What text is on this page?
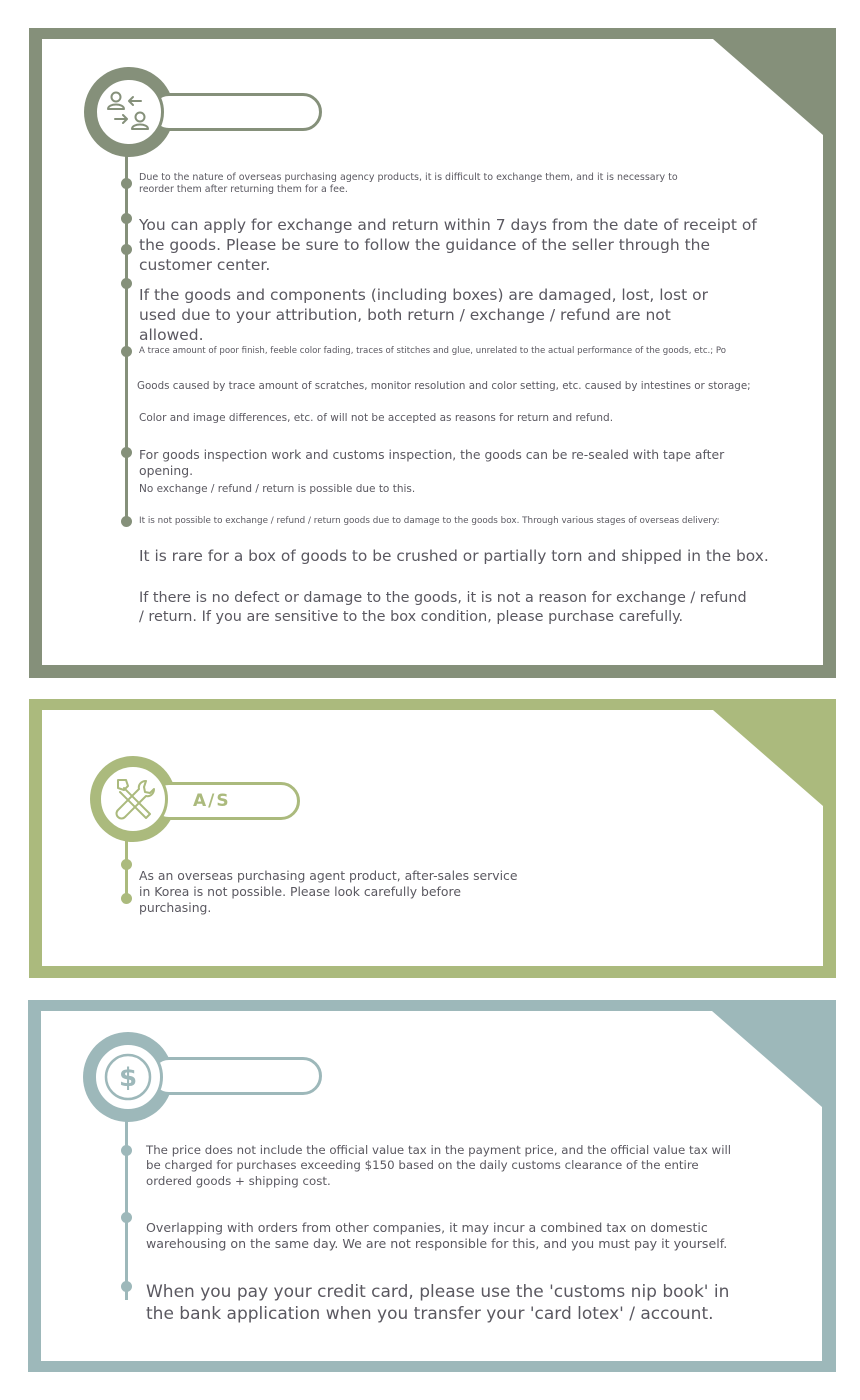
Due to the nature of overseas purchasing agency products, it is difficult to exchange them, and it is necessary to reorder them after returning them for a fee.
You can apply for exchange and return within 7 days from the date of receipt of the goods. Please be sure to follow the guidance of the seller through the customer center.
If the goods and components (including boxes) are damaged, lost, lost or used due to your attribution, both return / exchange / refund are not allowed.
A trace amount of poor finish, feeble color fading, traces of stitches and glue, unrelated to the actual performance of the goods, etc.; Po
Goods caused by trace amount of scratches, monitor resolution and color setting, etc. caused by intestines or storage;
Color and image differences, etc. of will not be accepted as reasons for return and refund.
For goods inspection work and customs inspection, the goods can be re-sealed with tape after opening.
No exchange / refund / return is possible due to this.
It is not possible to exchange / refund / return goods due to damage to the goods box. Through various stages of overseas delivery:
It is rare for a box of goods to be crushed or partially torn and shipped in the box.
If there is no defect or damage to the goods, it is not a reason for exchange / refund / return. If you are sensitive to the box condition, please purchase carefully.
A/S
As an overseas purchasing agent product, after-sales service in Korea is not possible. Please look carefully before purchasing.
$
The price does not include the official value tax in the payment price, and the official value tax will be charged for purchases exceeding $150 based on the daily customs clearance of the entire ordered goods + shipping cost.
Overlapping with orders from other companies, it may incur a combined tax on domestic warehousing on the same day. We are not responsible for this, and you must pay it yourself.
When you pay your credit card, please use the 'customs nip book' in the bank application when you transfer your 'card lotex' / account.
